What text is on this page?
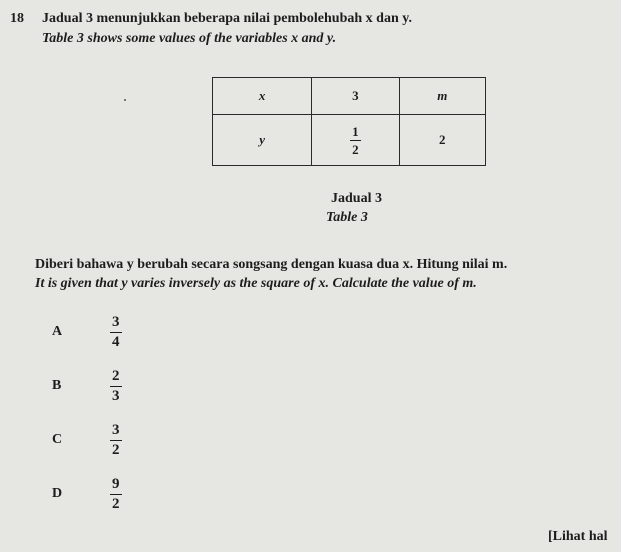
18 Jadual 3 menunjukkan beberapa nilai pembolehubah x dan y.
Table 3 shows some values of the variables x and y.
x	3	m
y	$\frac{1}{2}$	2
Jadual 3
Table 3
Diberi bahawa y berubah secara songsang dengan kuasa dua x. Hitung nilai m.
It is given that y varies inversely as the square of x. Calculate the value of m.
A	$\frac{3}{4}$
B	$\frac{2}{3}$
C	$\frac{3}{2}$
D	$\frac{9}{2}$
[Lihat hal
